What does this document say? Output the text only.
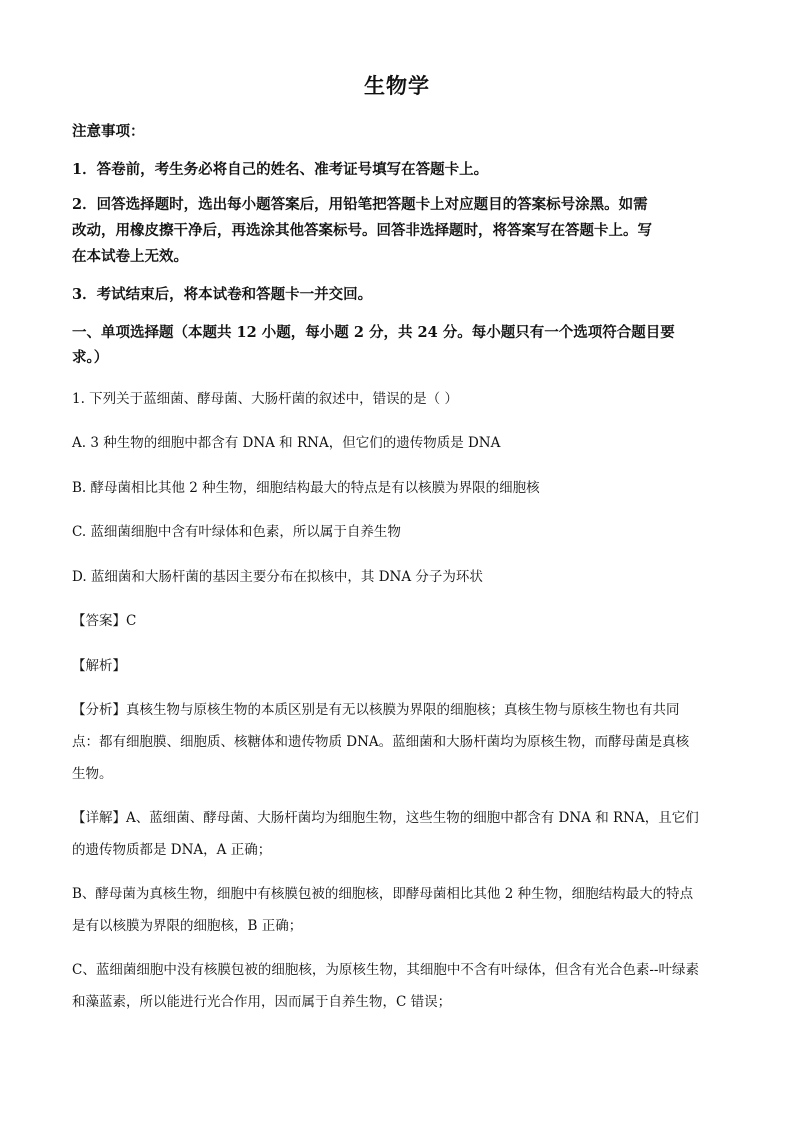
生物学
注意事项：
1．答卷前，考生务必将自己的姓名、准考证号填写在答题卡上。
2．回答选择题时，选出每小题答案后，用铅笔把答题卡上对应题目的答案标号涂黑。如需
改动，用橡皮擦干净后，再选涂其他答案标号。回答非选择题时，将答案写在答题卡上。写
在本试卷上无效。
3．考试结束后，将本试卷和答题卡一并交回。
一、单项选择题（本题共 12 小题，每小题 2 分，共 24 分。每小题只有一个选项符合题目要
求。）
1. 下列关于蓝细菌、酵母菌、大肠杆菌的叙述中，错误的是（ ）
A. 3 种生物的细胞中都含有 DNA 和 RNA，但它们的遗传物质是 DNA
B. 酵母菌相比其他 2 种生物，细胞结构最大的特点是有以核膜为界限的细胞核
C. 蓝细菌细胞中含有叶绿体和色素，所以属于自养生物
D. 蓝细菌和大肠杆菌的基因主要分布在拟核中，其 DNA 分子为环状
【答案】C
【解析】
【分析】真核生物与原核生物的本质区别是有无以核膜为界限的细胞核；真核生物与原核生物也有共同
点：都有细胞膜、细胞质、核糖体和遗传物质 DNA。蓝细菌和大肠杆菌均为原核生物，而酵母菌是真核
生物。
【详解】A、蓝细菌、酵母菌、大肠杆菌均为细胞生物，这些生物的细胞中都含有 DNA 和 RNA，且它们
的遗传物质都是 DNA，A 正确；
B、酵母菌为真核生物，细胞中有核膜包被的细胞核，即酵母菌相比其他 2 种生物，细胞结构最大的特点
是有以核膜为界限的细胞核，B 正确；
C、蓝细菌细胞中没有核膜包被的细胞核，为原核生物，其细胞中不含有叶绿体，但含有光合色素--叶绿素
和藻蓝素，所以能进行光合作用，因而属于自养生物，C 错误；
